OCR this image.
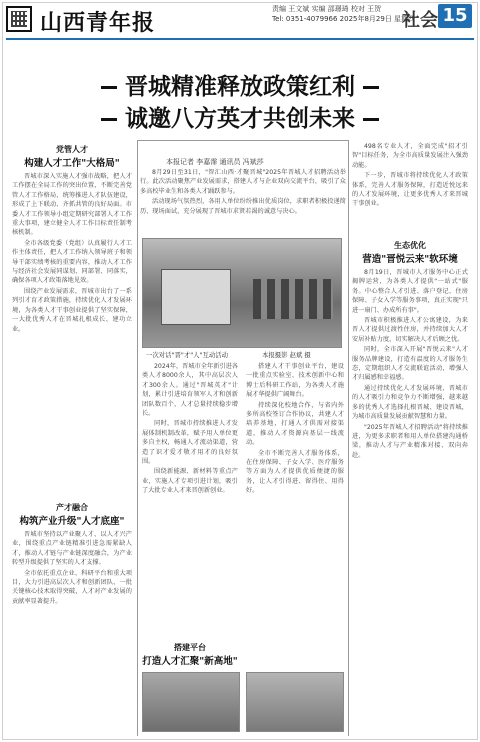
山西青年报
责编 王文斌 实编 邵璟琦 校对 王贺
Tel: 0351-4079966 2025年8月29日 星期四
社会 15
晋城精准释放政策红利
诚邀八方英才共创未来
党管人才
构建人才工作"大格局"

晋城市深入实施人才强市战略，把人才工作摆在全局工作的突出位置，不断完善党管人才工作格局，统筹推进人才队伍建设，形成了上下联动、齐抓共管的良好局面。市委人才工作领导小组定期研究部署人才工作重大事项，建立健全人才工作目标责任制考核机制。

全市各级党委（党组）认真履行人才工作主体责任，把人才工作纳入领导班子和领导干部实绩考核的重要内容，推动人才工作与经济社会发展同谋划、同部署、同落实，确保各项人才政策落地见效。

围绕产业发展需求，晋城市出台了一系列引才育才政策措施，持续优化人才发展环境，为各类人才干事创业提供了坚实保障，一大批优秀人才在晋城扎根成长、建功立业。

产才融合
构筑产业升级"人才底座"

晋城市坚持以产业聚人才、以人才兴产业，围绕重点产业链精准引进急需紧缺人才，推动人才链与产业链深度融合，为产业转型升级提供了坚实的人才支撑。

全市依托重点企业、科研平台和重大项目，大力引进高层次人才和创新团队，一批关键核心技术取得突破，人才对产业发展的贡献率显著提升。

8月29日至31日，"智汇山西·才聚晋城"2025年晋城人才招聘活动举行。此次活动聚焦产业发展需求，搭建人才与企业双向交流平台，吸引了众多高校毕业生和各类人才踊跃参与。

活动现场气氛热烈，各用人单位纷纷推出优质岗位，求职者积极投递简历、现场面试，充分展现了晋城市求贤若渴的诚意与决心。

本报记者 李嘉霈 通讯员 冯斌莎
一次对话"晋"才"人"互动活动	本报摄影 赵斌 摄

2024年，晋城市全年新引进各类人才8000余人，其中高层次人才300余人。通过"晋城英才"计划，累计引进培育领军人才和创新团队数百个，人才总量持续稳步增长。

同时，晋城市持续推进人才发展体制机制改革，赋予用人单位更多自主权，畅通人才流动渠道，营造了识才爱才敬才用才的良好氛围。

围绕新能源、新材料等重点产业，实施人才专项引进计划，吸引了大批专业人才来晋创新创业。

搭建平台
打造人才汇聚"新高地"

搭建人才干事创业平台，建设一批重点实验室、技术创新中心和博士后科研工作站，为各类人才施展才华提供广阔舞台。

持续深化校地合作，与省内外多所高校签订合作协议，共建人才培养基地，打通人才供需对接渠道，推动人才资源向基层一线流动。

全市不断完善人才服务体系，在住房保障、子女入学、医疗服务等方面为人才提供优质便捷的服务，让人才引得进、留得住、用得好。

498名专业人才，全面完成"招才引智"目标任务，为全市高质量发展注入强劲动能。

下一步，晋城市将持续优化人才政策体系，完善人才服务保障，打造近悦远来的人才发展环境，让更多优秀人才来晋城干事创业。

生态优化
营造"晋悦云来"软环境

8月19日，晋城市人才服务中心正式揭牌运营，为各类人才提供"一站式"服务。中心整合人才引进、落户登记、住房保障、子女入学等服务事项，真正实现"只进一扇门、办成所有事"。

晋城市积极推进人才公寓建设，为来晋人才提供过渡性住房，并持续加大人才安居补贴力度，切实解决人才后顾之忧。

同时，全市深入开展"晋悦云来"人才服务品牌建设，打造有温度的人才服务生态，定期组织人才交流联谊活动，增强人才归属感和幸福感。

通过持续优化人才发展环境，晋城市的人才吸引力和竞争力不断增强，越来越多的优秀人才选择扎根晋城、建设晋城，为城市高质量发展贡献智慧和力量。

"2025年晋城人才招聘活动"将持续推进，为更多求职者和用人单位搭建沟通桥梁，推动人才与产业精准对接、双向奔赴。
